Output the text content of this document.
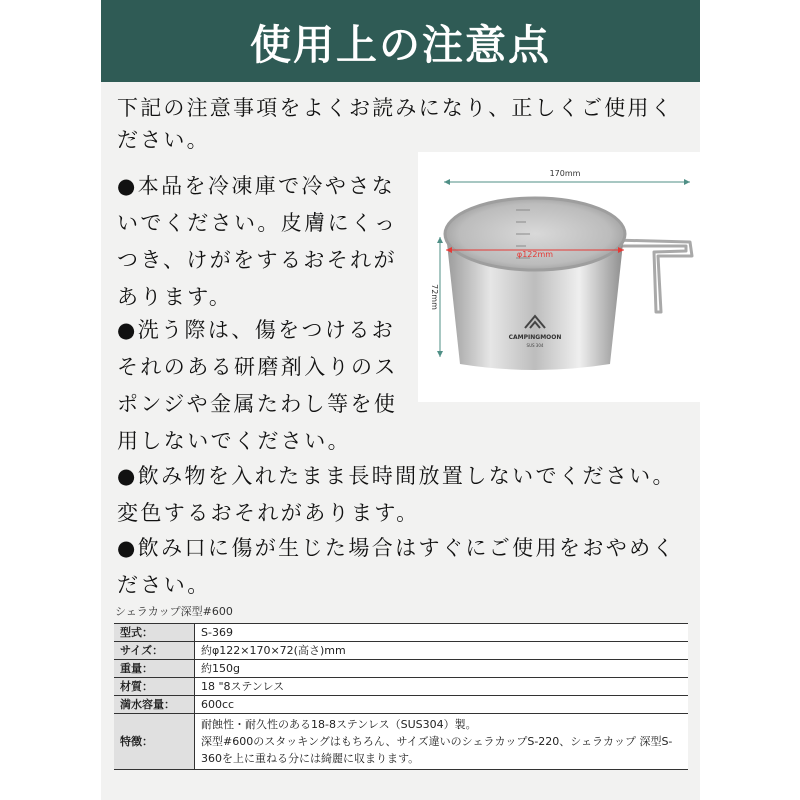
使用上の注意点

下記の注意事項をよくお読みになり、正しくご使用ください。

●本品を冷凍庫で冷やさないでください。皮膚にくっつき、けがをするおそれがあります。

●洗う際は、傷をつけるおそれのある研磨剤入りのスポンジや金属たわし等を使用しないでください。

●飲み物を入れたまま長時間放置しないでください。変色するおそれがあります。

●飲み口に傷が生じた場合はすぐにご使用をおやめください。

170mm
72mm
φ122mm
CAMPINGMOON
SUS 304
シェラカップ深型#600
型式：	S-369
サイズ：	約φ122×170×72(高さ)mm
重量：	約150g
材質：	18 "8ステンレス
満水容量：	600cc
特徴：	耐蝕性・耐久性のある18-8ステンレス（SUS304）製。
深型#600のスタッキングはもちろん、サイズ違いのシェラカップS-220、シェラカップ 深型S-360を上に重ねる分には綺麗に収まります。
